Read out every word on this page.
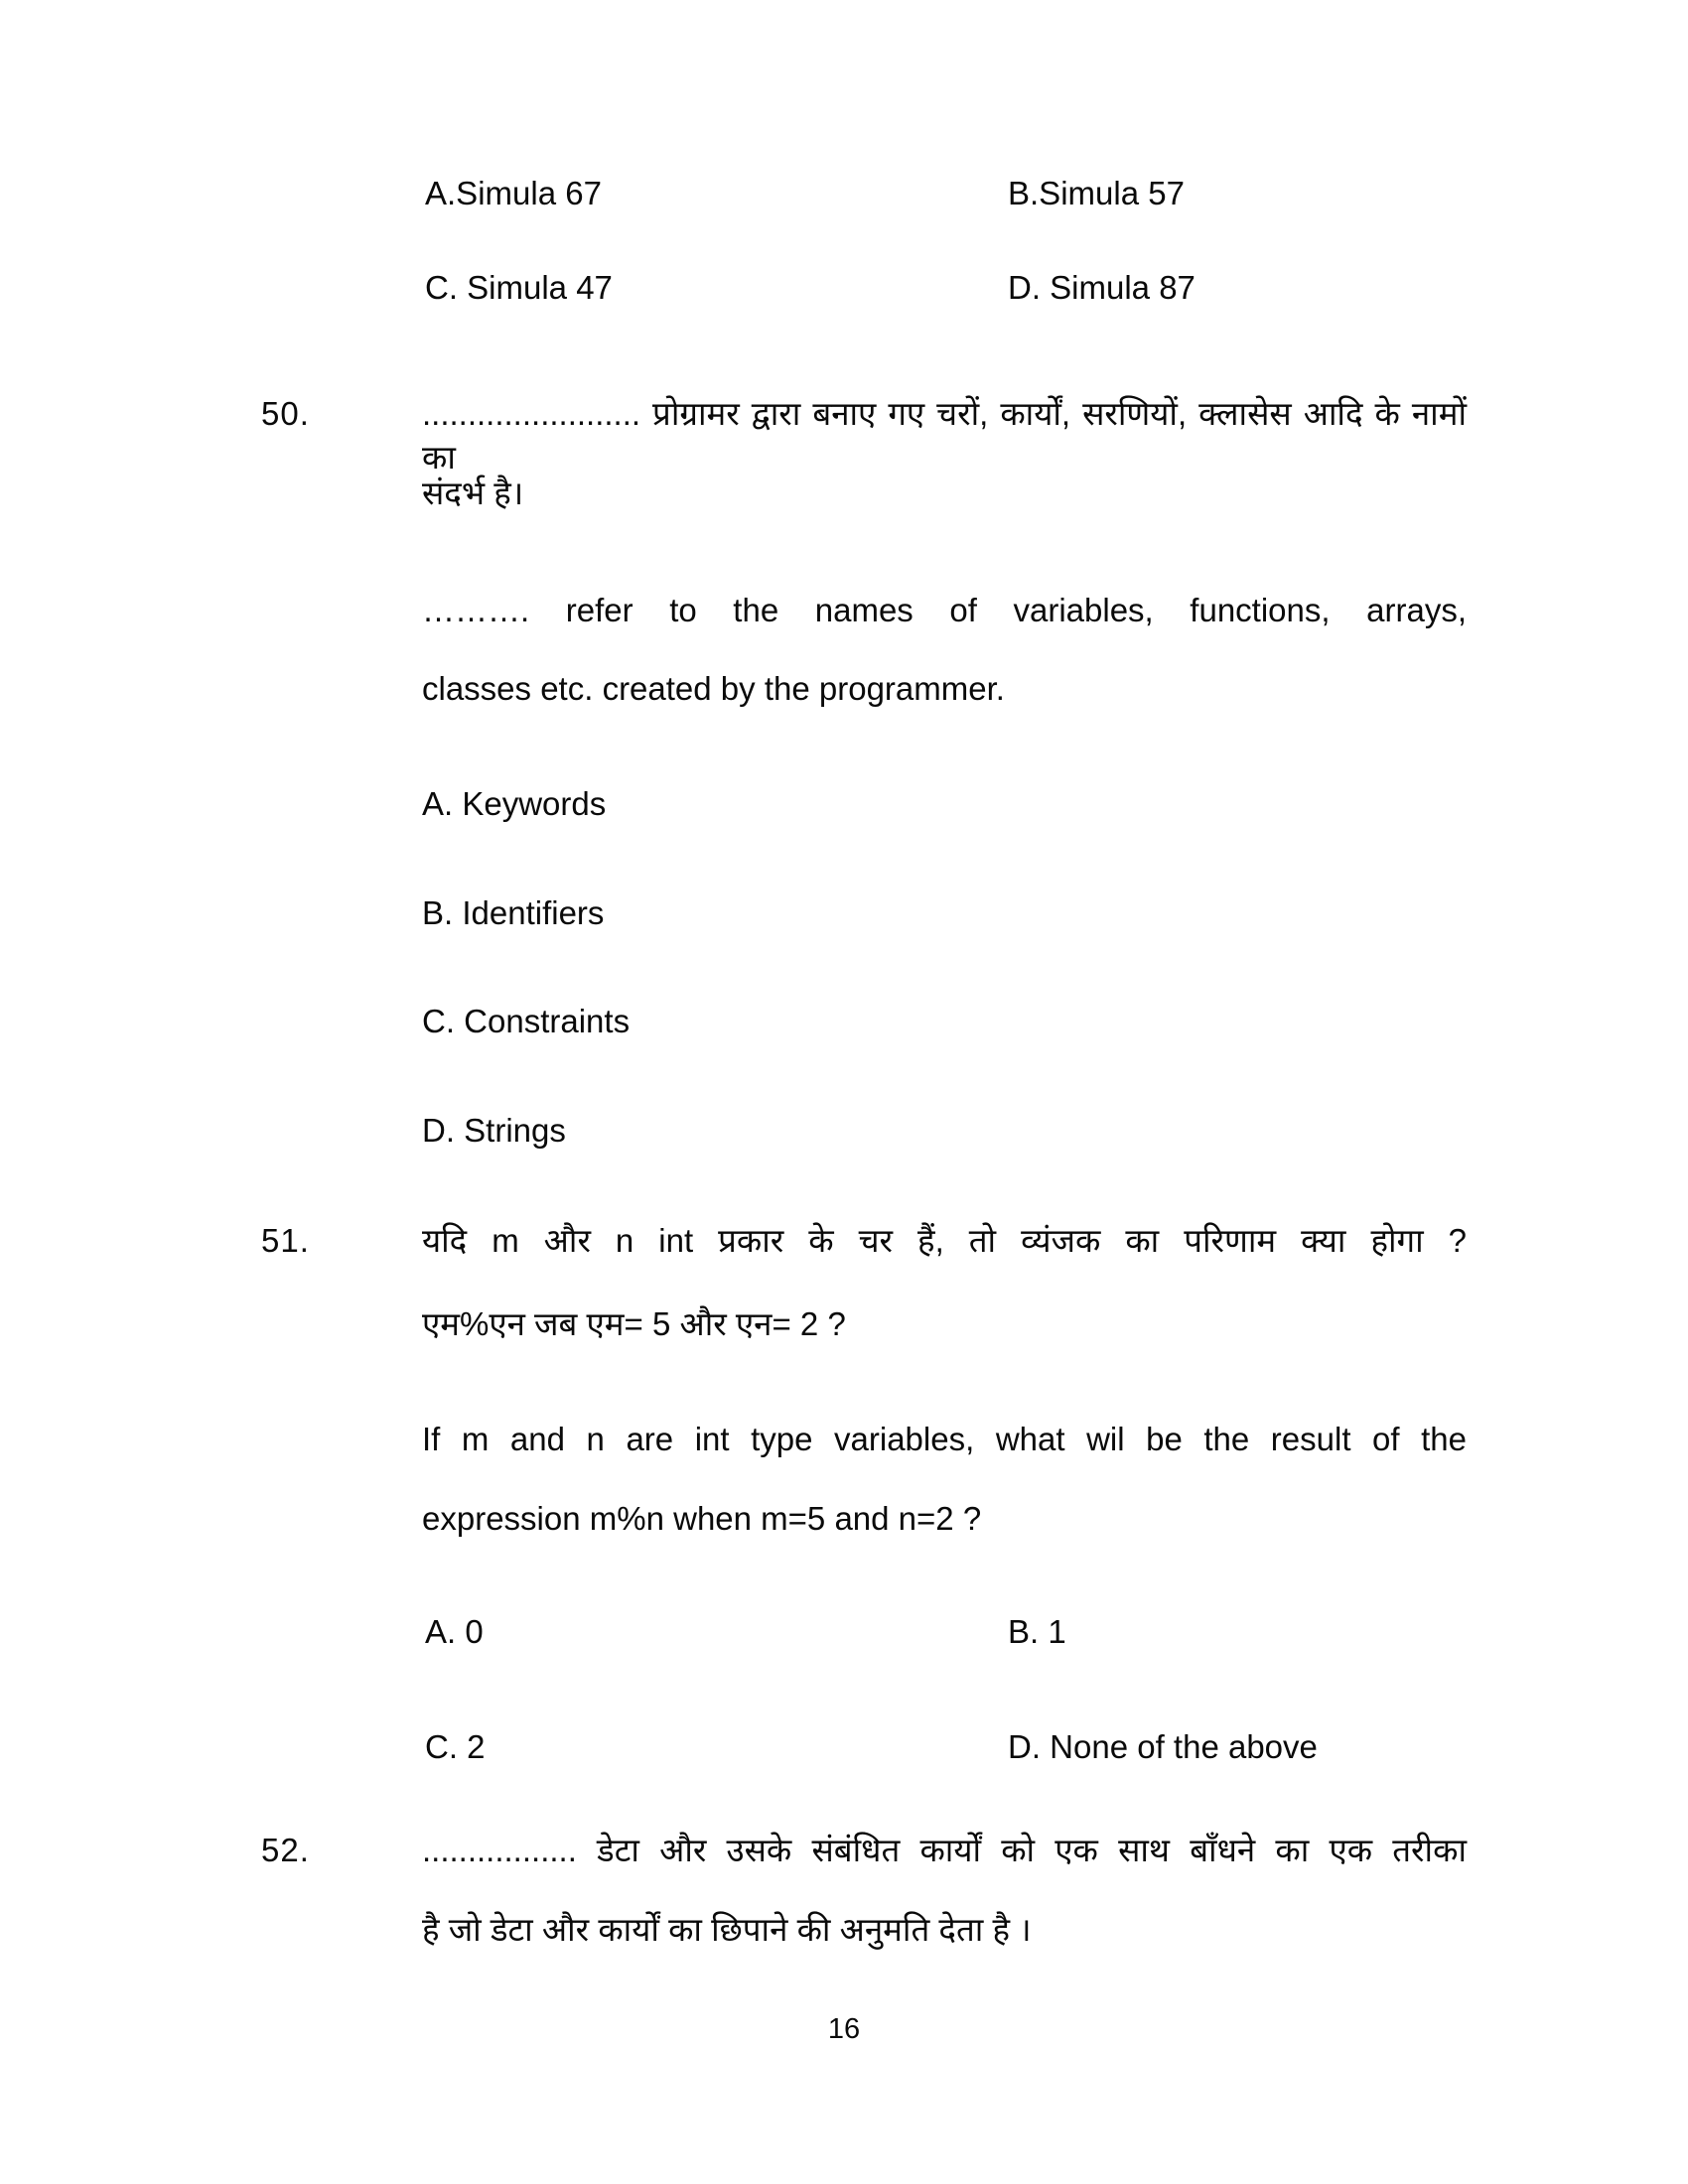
A.Simula 67	B.Simula 57
C. Simula 47	D. Simula 87
50.	........................ प्रोग्रामर द्वारा बनाए गए चरों, कार्यों, सरणियों, क्लासेस आदि के नामों का
संदर्भ है।
………. refer to the names of variables, functions, arrays,
classes etc. created by the programmer.
A. Keywords
B. Identifiers
C. Constraints
D. Strings
51.	यदि m और n int प्रकार के चर हैं, तो व्यंजक का परिणाम क्या होगा ?
एम%एन जब एम= 5 और एन= 2 ?
If m and n are int type variables, what wil be the result of the
expression m%n when m=5 and n=2 ?
A. 0	B. 1
C. 2	D. None of the above
52.	................. डेटा और उसके संबंधित कार्यों को एक साथ बाँधने का एक तरीका
है जो डेटा और कार्यों का छिपाने की अनुमति देता है ।
16
